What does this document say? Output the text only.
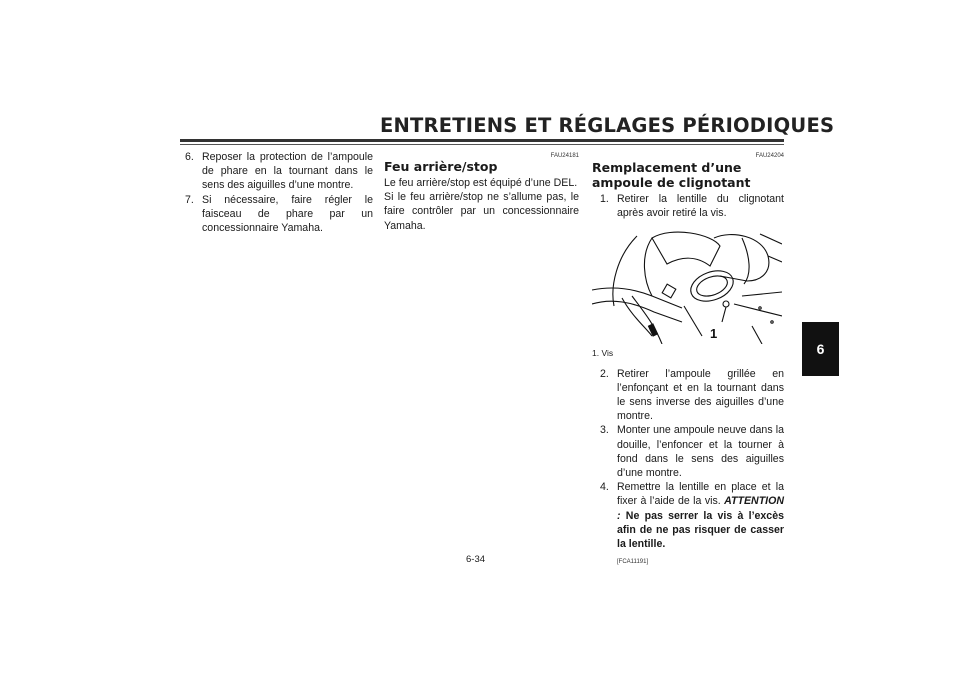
ENTRETIENS ET RÉGLAGES PÉRIODIQUES
6
6. Reposer la protection de l’ampoule de phare en la tournant dans le sens des aiguilles d’une montre.
7. Si nécessaire, faire régler le faisceau de phare par un concessionnaire Yamaha.
FAU24181
Feu arrière/stop

Le feu arrière/stop est équipé d’une DEL.

Si le feu arrière/stop ne s’allume pas, le faire contrôler par un concessionnaire Yamaha.

FAU24204
Remplacement d’une ampoule de clignotant
1. Retirer la lentille du clignotant après avoir retiré la vis.
1
1. Vis
2. Retirer l’ampoule grillée en l’enfonçant et en la tournant dans le sens inverse des aiguilles d’une montre.
3. Monter une ampoule neuve dans la douille, l’enfoncer et la tourner à fond dans le sens des aiguilles d’une montre.
4. Remettre la lentille en place et la fixer à l’aide de la vis. ATTENTION : Ne pas serrer la vis à l’excès afin de ne pas risquer de casser la lentille.
[FCA11191]
6-34
